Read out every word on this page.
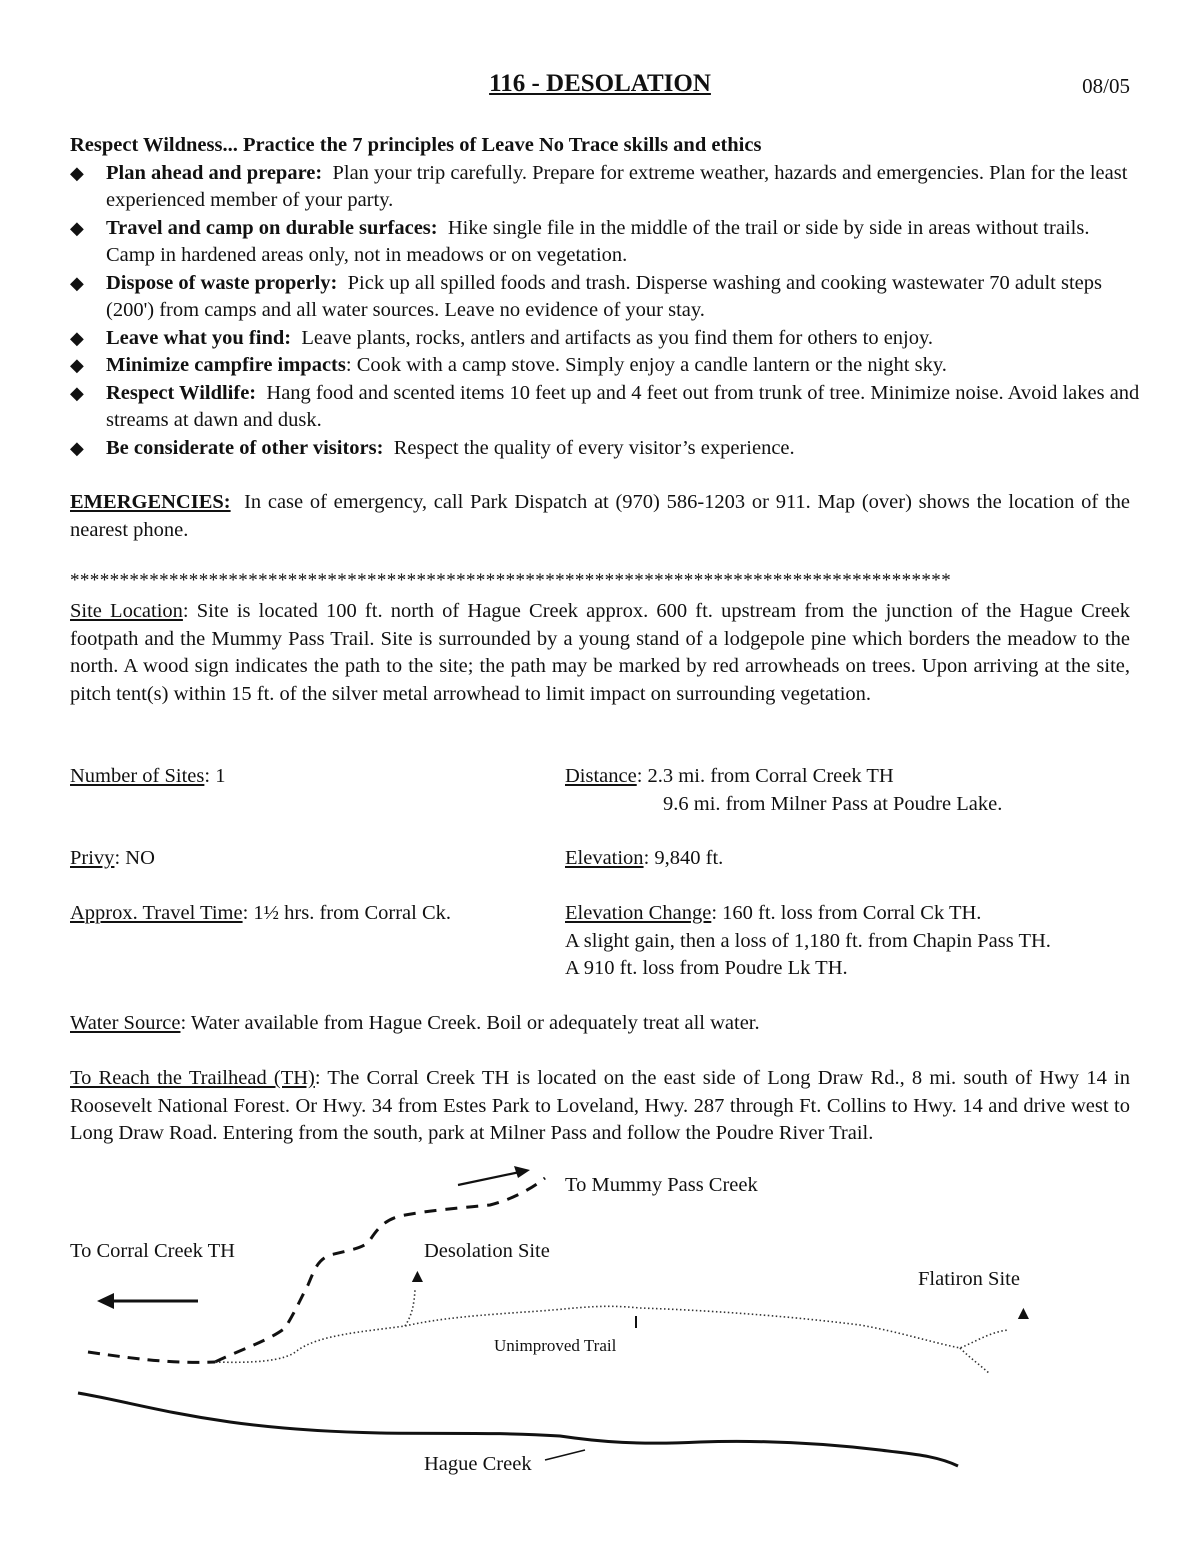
116 - DESOLATION	08/05
Respect Wildness... Practice the 7 principles of Leave No Trace skills and ethics
◆ Plan ahead and prepare: Plan your trip carefully. Prepare for extreme weather, hazards and emergencies. Plan for the least experienced member of your party.
◆ Travel and camp on durable surfaces: Hike single file in the middle of the trail or side by side in areas without trails. Camp in hardened areas only, not in meadows or on vegetation.
◆ Dispose of waste properly: Pick up all spilled foods and trash. Disperse washing and cooking wastewater 70 adult steps (200') from camps and all water sources. Leave no evidence of your stay.
◆ Leave what you find: Leave plants, rocks, antlers and artifacts as you find them for others to enjoy.
◆ Minimize campfire impacts: Cook with a camp stove. Simply enjoy a candle lantern or the night sky.
◆ Respect Wildlife: Hang food and scented items 10 feet up and 4 feet out from trunk of tree. Minimize noise. Avoid lakes and streams at dawn and dusk.
◆ Be considerate of other visitors: Respect the quality of every visitor’s experience.
EMERGENCIES: In case of emergency, call Park Dispatch at (970) 586-1203 or 911. Map (over) shows the location of the nearest phone.
*****************************************************************************************
Site Location: Site is located 100 ft. north of Hague Creek approx. 600 ft. upstream from the junction of the Hague Creek footpath and the Mummy Pass Trail. Site is surrounded by a young stand of a lodgepole pine which borders the meadow to the north. A wood sign indicates the path to the site; the path may be marked by red arrowheads on trees. Upon arriving at the site, pitch tent(s) within 15 ft. of the silver metal arrowhead to limit impact on surrounding vegetation.
Number of Sites: 1	Distance: 2.3 mi. from Corral Creek TH
9.6 mi. from Milner Pass at Poudre Lake.
Privy: NO	Elevation: 9,840 ft.
Approx. Travel Time: 1½ hrs. from Corral Ck.	Elevation Change: 160 ft. loss from Corral Ck TH.
A slight gain, then a loss of 1,180 ft. from Chapin Pass TH.
A 910 ft. loss from Poudre Lk TH.
Water Source: Water available from Hague Creek. Boil or adequately treat all water.
To Reach the Trailhead (TH): The Corral Creek TH is located on the east side of Long Draw Rd., 8 mi. south of Hwy 14 in Roosevelt National Forest. Or Hwy. 34 from Estes Park to Loveland, Hwy. 287 through Ft. Collins to Hwy. 14 and drive west to Long Draw Road. Entering from the south, park at Milner Pass and follow the Poudre River Trail.
To Mummy Pass Creek
To Corral Creek TH	Desolation Site
Flatiron Site
Unimproved Trail
Hague Creek
▲
▲
